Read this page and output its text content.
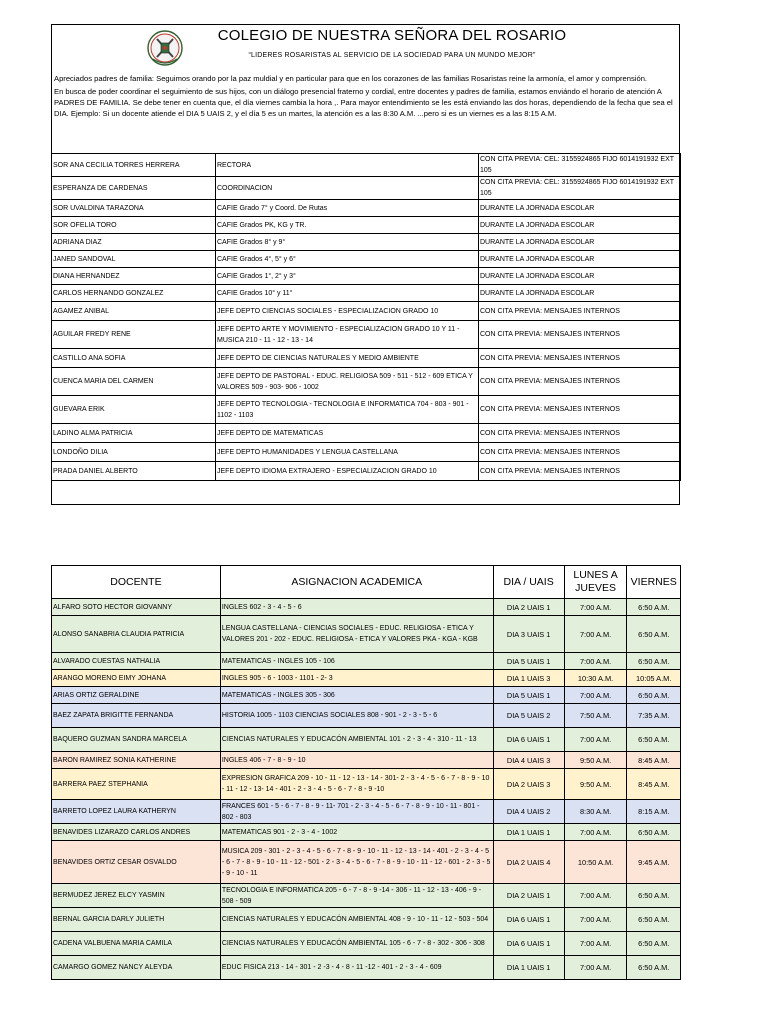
COLEGIO DE NUESTRA SEÑORA DEL ROSARIO
“LIDERES ROSARISTAS AL SERVICIO DE LA SOCIEDAD PARA UN MUNDO MEJOR”
Apreciados padres de familia: Seguimos orando por la paz muldial y en particular para que en los corazones de las familias Rosaristas reine la armonía, el amor y comprensión.
En busca de poder coordinar el seguimiento de sus hijos, con un diálogo presencial fraterno y cordial, entre docentes y padres de familia, estamos enviándo el horario de atención A PADRES DE FAMILIA. Se debe tener en cuenta que, el día viernes cambia la hora ,. Para mayor entendimiento se les está enviando las dos horas, dependiendo de la fecha que sea el DIA. Ejemplo: Si un docente atiende el DIA 5 UAIS 2, y el día 5 es un martes, la atención es a las 8:30 A.M. ...pero si es un viernes es a las 8:15 A.M.
SOR ANA CECILIA TORRES HERRERA	RECTORA	CON CITA PREVIA: CEL: 3155924865 FIJO 6014191932 EXT 105
ESPERANZA DE CARDENAS	COORDINACION	CON CITA PREVIA: CEL: 3155924865 FIJO 6014191932 EXT 105
SOR UVALDINA TARAZONA	CAFIE Grado 7° y Coord. De Rutas	DURANTE LA JORNADA ESCOLAR
SOR OFELIA TORO	CAFIE Grados PK, KG y TR.	DURANTE LA JORNADA ESCOLAR
ADRIANA DIAZ	CAFIE Grados 8° y 9°	DURANTE LA JORNADA ESCOLAR
JANED SANDOVAL	CAFIE Grados 4°, 5° y 6°	DURANTE LA JORNADA ESCOLAR
DIANA HERNANDEZ	CAFIE Grados 1°, 2° y 3°	DURANTE LA JORNADA ESCOLAR
CARLOS HERNANDO GONZALEZ	CAFIE Grados 10° y 11°	DURANTE LA JORNADA ESCOLAR
AGAMEZ ANIBAL	JEFE DEPTO CIENCIAS SOCIALES - ESPECIALIZACION GRADO 10	CON CITA PREVIA: MENSAJES INTERNOS
AGUILAR FREDY RENE	JEFE DEPTO ARTE Y MOVIMIENTO - ESPECIALIZACION GRADO 10 Y 11 - MUSICA 210 - 11 - 12 - 13 - 14	CON CITA PREVIA: MENSAJES INTERNOS
CASTILLO ANA SOFIA	JEFE DEPTO DE CIENCIAS NATURALES Y MEDIO AMBIENTE	CON CITA PREVIA: MENSAJES INTERNOS
CUENCA MARIA DEL CARMEN	JEFE DEPTO DE PASTORAL - EDUC. RELIGIOSA 509 - 511 - 512 - 609 ETICA Y VALORES 509 - 903- 906 - 1002	CON CITA PREVIA: MENSAJES INTERNOS
GUEVARA ERIK	JEFE DEPTO TECNOLOGIA - TECNOLOGIA E INFORMATICA 704 - 803 - 901 - 1102 - 1103	CON CITA PREVIA: MENSAJES INTERNOS
LADINO ALMA PATRICIA	JEFE DEPTO DE MATEMATICAS	CON CITA PREVIA: MENSAJES INTERNOS
LONDOÑO DILIA	JEFE DEPTO HUMANIDADES Y LENGUA CASTELLANA	CON CITA PREVIA: MENSAJES INTERNOS
PRADA DANIEL ALBERTO	JEFE DEPTO IDIOMA EXTRAJERO - ESPECIALIZACION GRADO 10	CON CITA PREVIA: MENSAJES INTERNOS
DOCENTE	ASIGNACION ACADEMICA	DIA / UAIS	LUNES A JUEVES	VIERNES
ALFARO SOTO HECTOR GIOVANNY	INGLES 602 - 3 - 4 - 5 - 6	DIA 2 UAIS 1	7:00 A.M.	6:50 A.M.
ALONSO SANABRIA CLAUDIA PATRICIA	LENGUA CASTELLANA - CIENCIAS SOCIALES - EDUC. RELIGIOSA - ETICA Y VALORES 201 - 202 - EDUC. RELIGIOSA - ETICA Y VALORES PKA - KGA - KGB	DIA 3 UAIS 1	7:00 A.M.	6:50 A.M.
ALVARADO CUESTAS NATHALIA	MATEMATICAS - INGLES 105 - 106	DIA 5 UAIS 1	7:00 A.M.	6:50 A.M.
ARANGO MORENO EIMY JOHANA	INGLES 905 - 6 - 1003 - 1101 - 2- 3	DIA 1 UAIS 3	10:30 A.M.	10:05 A.M.
ARIAS ORTIZ GERALDINE	MATEMATICAS - INGLES 305 - 306	DIA 5 UAIS 1	7:00 A.M.	6:50 A.M.
BAEZ ZAPATA BRIGITTE FERNANDA	HISTORIA 1005 - 1103 CIENCIAS SOCIALES 808 - 901 - 2 - 3 - 5 - 6	DIA 5 UAIS 2	7:50 A.M.	7:35 A.M.
BAQUERO GUZMAN SANDRA MARCELA	CIENCIAS NATURALES Y EDUCACÓN AMBIENTAL 101 - 2 - 3 - 4 - 310 - 11 - 13	DIA 6 UAIS 1	7:00 A.M.	6:50 A.M.
BARON RAMIREZ SONIA KATHERINE	INGLES 406 - 7 - 8 - 9 - 10	DIA 4 UAIS 3	9:50 A.M.	8:45 A.M.
BARRERA PAEZ STEPHANIA	EXPRESION GRAFICA 209 - 10 - 11 - 12 - 13 - 14 - 301- 2 - 3 - 4 - 5 - 6 - 7 - 8 - 9 - 10 - 11 - 12 - 13- 14 - 401 - 2 - 3 - 4 - 5 - 6 - 7 - 8 - 9 -10	DIA 2 UAIS 3	9:50 A.M.	8:45 A.M.
BARRETO LOPEZ LAURA KATHERYN	FRANCES 601 - 5 - 6 - 7 - 8 - 9 - 11- 701 - 2 - 3 - 4 - 5 - 6 - 7 - 8 - 9 - 10 - 11 - 801 - 802 - 803	DIA 4 UAIS 2	8:30 A.M.	8:15 A.M.
BENAVIDES LIZARAZO CARLOS ANDRES	MATEMATICAS 901 - 2 - 3 - 4 - 1002	DIA 1 UAIS 1	7:00 A.M.	6:50 A.M.
BENAVIDES ORTIZ CESAR OSVALDO	MUSICA 209 - 301 - 2 - 3 - 4 - 5 - 6 - 7 - 8 - 9 - 10 - 11 - 12 - 13 - 14 - 401 - 2 - 3 - 4 - 5 - 6 - 7 - 8 - 9 - 10 - 11 - 12 - 501 - 2 - 3 - 4 - 5 - 6 - 7 - 8 - 9 - 10 - 11 - 12 - 601 - 2 - 3 - 5 - 9 - 10 - 11	DIA 2 UAIS 4	10:50 A.M.	9:45 A.M.
BERMUDEZ JEREZ ELCY YASMIN	TECNOLOGIA E INFORMATICA 205 - 6 - 7 - 8 - 9 -14 - 306 - 11 - 12 - 13 - 406 - 9 - 508 - 509	DIA 2 UAIS 1	7:00 A.M.	6:50 A.M.
BERNAL GARCIA DARLY JULIETH	CIENCIAS NATURALES Y EDUCACÓN AMBIENTAL 408 - 9 - 10 - 11 - 12 - 503 - 504	DIA 6 UAIS 1	7:00 A.M.	6:50 A.M.
CADENA VALBUENA MARIA CAMILA	CIENCIAS NATURALES Y EDUCACÓN AMBIENTAL 105 - 6 - 7 - 8 - 302 - 306 - 308	DIA 6 UAIS 1	7:00 A.M.	6:50 A.M.
CAMARGO GOMEZ NANCY ALEYDA	EDUC FISICA 213 - 14 - 301 - 2 -3 - 4 - 8 - 11 -12 - 401 - 2 - 3 - 4 - 609	DIA 1 UAIS 1	7:00 A.M.	6:50 A.M.
